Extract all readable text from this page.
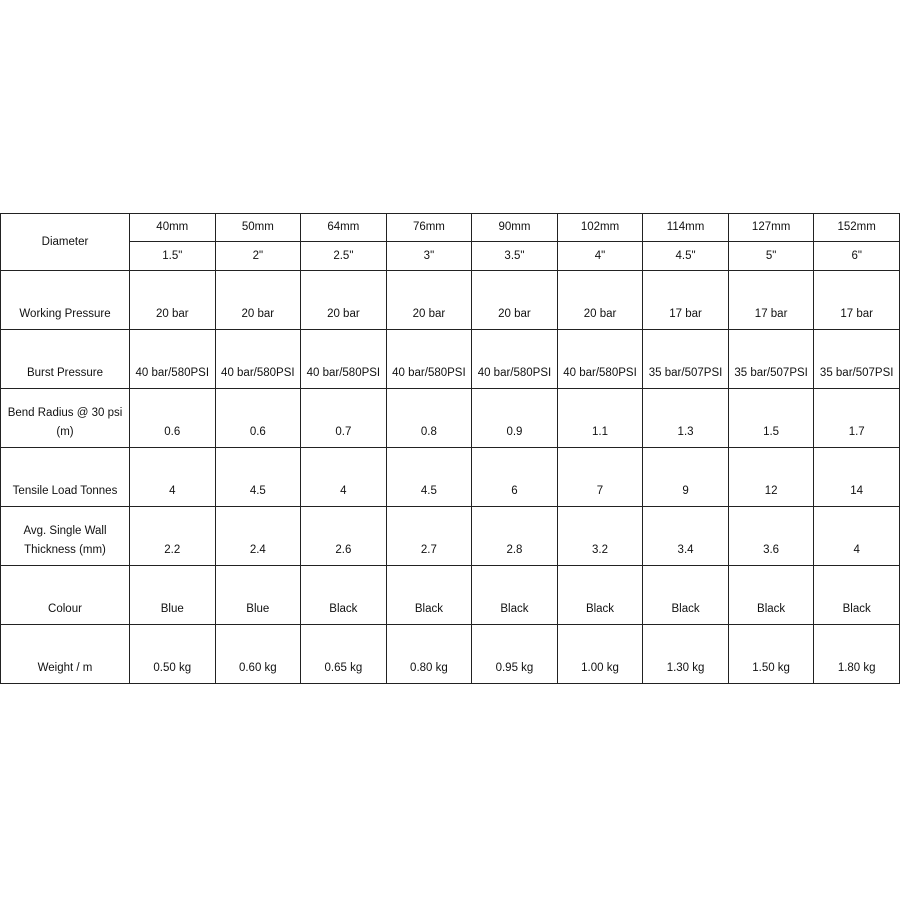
Diameter	40mm	50mm	64mm	76mm	90mm	102mm	114mm	127mm	152mm
	1.5"	2"	2.5"	3"	3.5"	4"	4.5"	5"	6"
Working Pressure	20 bar	20 bar	20 bar	20 bar	20 bar	20 bar	17 bar	17 bar	17 bar
Burst Pressure	40 bar/580PSI	40 bar/580PSI	40 bar/580PSI	40 bar/580PSI	40 bar/580PSI	40 bar/580PSI	35 bar/507PSI	35 bar/507PSI	35 bar/507PSI
Bend Radius @ 30 psi (m)	0.6	0.6	0.7	0.8	0.9	1.1	1.3	1.5	1.7
Tensile Load Tonnes	4	4.5	4	4.5	6	7	9	12	14
Avg. Single Wall Thickness (mm)	2.2	2.4	2.6	2.7	2.8	3.2	3.4	3.6	4
Colour	Blue	Blue	Black	Black	Black	Black	Black	Black	Black
Weight / m	0.50 kg	0.60 kg	0.65 kg	0.80 kg	0.95 kg	1.00 kg	1.30 kg	1.50 kg	1.80 kg
